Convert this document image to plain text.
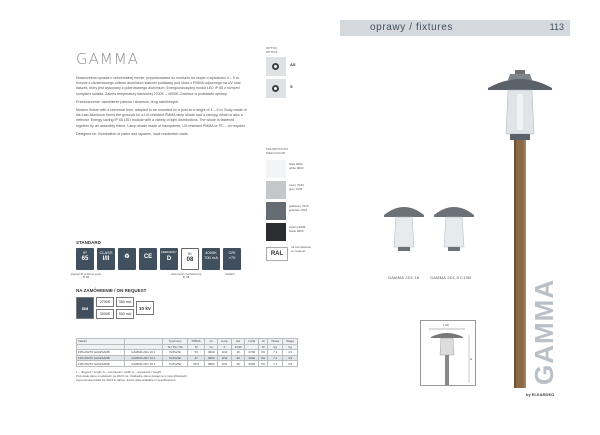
oprawy / fixtures	113
GAMMA

Nowoczesna oprawa o uniwersalnej formie, przystosowana do montażu na słupie o wysokości 4 – 5 m. Korpus z ciśnieniowego odlewu aluminium stanowi podstawę pod klosz z PMMA odpornego na UV oraz daszek, który jest wykonany z polerowanego aluminium. Energooszczędny moduł LED IP 65 z różnymi rozsyłami światła. Zakres temperatury barwowej 2700K – 4000K. Zasilacz w podstawie oprawy.

Przeznaczenie: oświetlenie parków i skwerów, dróg osiedlowych.

Modern fixture with a universal form, adapted to be mounted on a post at a height of 4 – 5 m. Body made of die-cast aluminum forms the grounds for a UV-resistant PMMA lamp shade and a canopy, which is also a reflector. Energy saving IP 65 LED module with a variety of light distributions. The whole is fastened together by an assembly frame. Lamp shade made of transparent, UV-resistant PMMA or PC – on request.

Designed for: illumination of parks and squares, local residential roads.

OPTYKI
OPTICS
AS
S
KOLORYSTYKA
MAIN COLOR
biały 9003
white 9003
szary 7043
grey 7043
grafitowy 7016
graphite 7016
czarny 9005
black 9005
RAL
na zamówienie
on request
STANDARD
IP
65
CLASS
I/II	♻	CE
EMERGENCY
D
IK
08
4000K
700 mA
CRI
>70
stopień IP ochrony wody IP 65
odporność mechaniczna IK 08
zasilacz
NA ZAMÓWIENIE / ON REQUEST
DIM
2700K
3000K
350 mA
500 mA
10 kV
Indeks		Typ/mocy	PMMA	lm	temp	Ra	lm/W	W	Klasa	Waga
		Ta / Pa / Sb	W	lm	K	lm/W		W	kg	kg
FPA-09270 GA02SADB	GAMMA 2D1 16.1	To/Pa/Sb	53	4990	1N4	36	2700	PA	7.1	4.5
FPA-09270 GA02SADB	GAMMA 2D1 16.1	To/Pa/Sb	47	4990	1N4	36	3000	PA	7.1	4.5
FPA-09270 GA02SADB	GAMMA 2D1 16.1	To/Pa/Sb	53.5	4850	1N4	36	3000	PA	7.1	4.5
L – długość / length S – szerokość / width H – wysokość / height
Pozostałe dane w tabelach na 2023 rok. Dokładne dane dostępne w specyfikacjach.
Approximated data for 2023 in tables. Exact data available in specifications.
GAMMA 2D1 16	GAMMA 2D1,5 C10B
L.00
H GAMMA
by ELKARDEO
